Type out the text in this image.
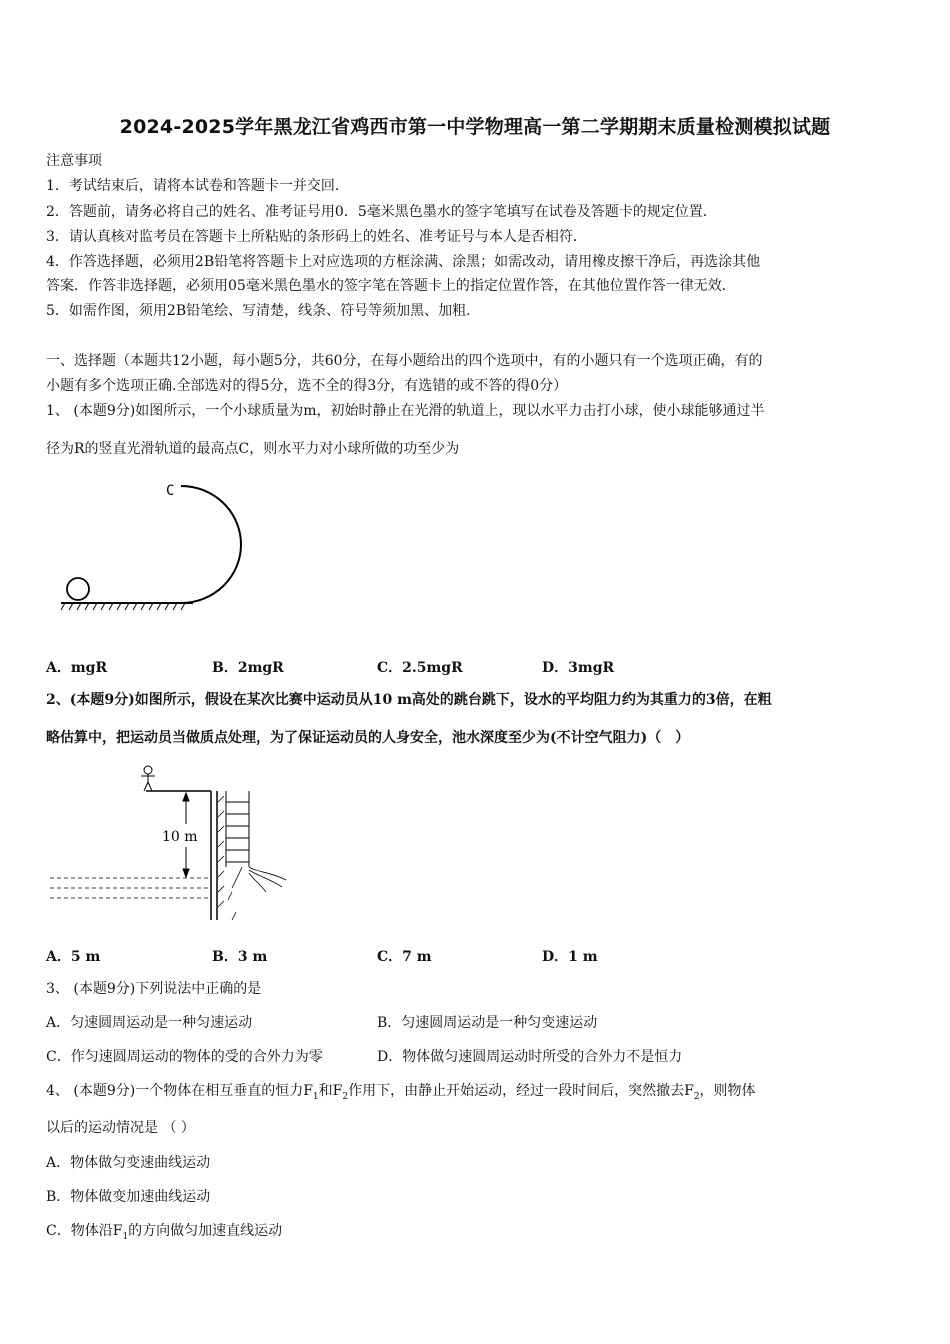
2024-2025学年黑龙江省鸡西市第一中学物理高一第二学期期末质量检测模拟试题
注意事项
1．考试结束后，请将本试卷和答题卡一并交回．
2．答题前，请务必将自己的姓名、准考证号用0．5毫米黑色墨水的签字笔填写在试卷及答题卡的规定位置．
3．请认真核对监考员在答题卡上所粘贴的条形码上的姓名、准考证号与本人是否相符．
4．作答选择题，必须用2B铅笔将答题卡上对应选项的方框涂满、涂黑；如需改动，请用橡皮擦干净后，再选涂其他
答案．作答非选择题，必须用05毫米黑色墨水的签字笔在答题卡上的指定位置作答，在其他位置作答一律无效．
5．如需作图，须用2B铅笔绘、写清楚，线条、符号等须加黑、加粗．
一、选择题（本题共12小题，每小题5分，共60分，在每小题给出的四个选项中，有的小题只有一个选项正确，有的
小题有多个选项正确.全部选对的得5分，选不全的得3分，有选错的或不答的得0分）
1、 (本题9分)如图所示，一个小球质量为m，初始时静止在光滑的轨道上，现以水平力击打小球，使小球能够通过半
径为R的竖直光滑轨道的最高点C，则水平力对小球所做的功至少为
C
A．mgR	B．2mgR	C．2.5mgR	D．3mgR
2、(本题9分)如图所示，假设在某次比赛中运动员从10 m高处的跳台跳下，设水的平均阻力约为其重力的3倍，在粗
略估算中，把运动员当做质点处理，为了保证运动员的人身安全，池水深度至少为(不计空气阻力)（　）
10 m
A．5 m	B．3 m	C．7 m	D．1 m
3、 (本题9分)下列说法中正确的是
A．匀速圆周运动是一种匀速运动	B．匀速圆周运动是一种匀变速运动
C．作匀速圆周运动的物体的受的合外力为零	D．物体做匀速圆周运动时所受的合外力不是恒力
4、 (本题9分)一个物体在相互垂直的恒力$F_1$和$F_2$作用下，由静止开始运动，经过一段时间后，突然撤去$F_2$，则物体
以后的运动情况是 （ ）
A．物体做匀变速曲线运动
B．物体做变加速曲线运动
C．物体沿$F_1$的方向做匀加速直线运动
